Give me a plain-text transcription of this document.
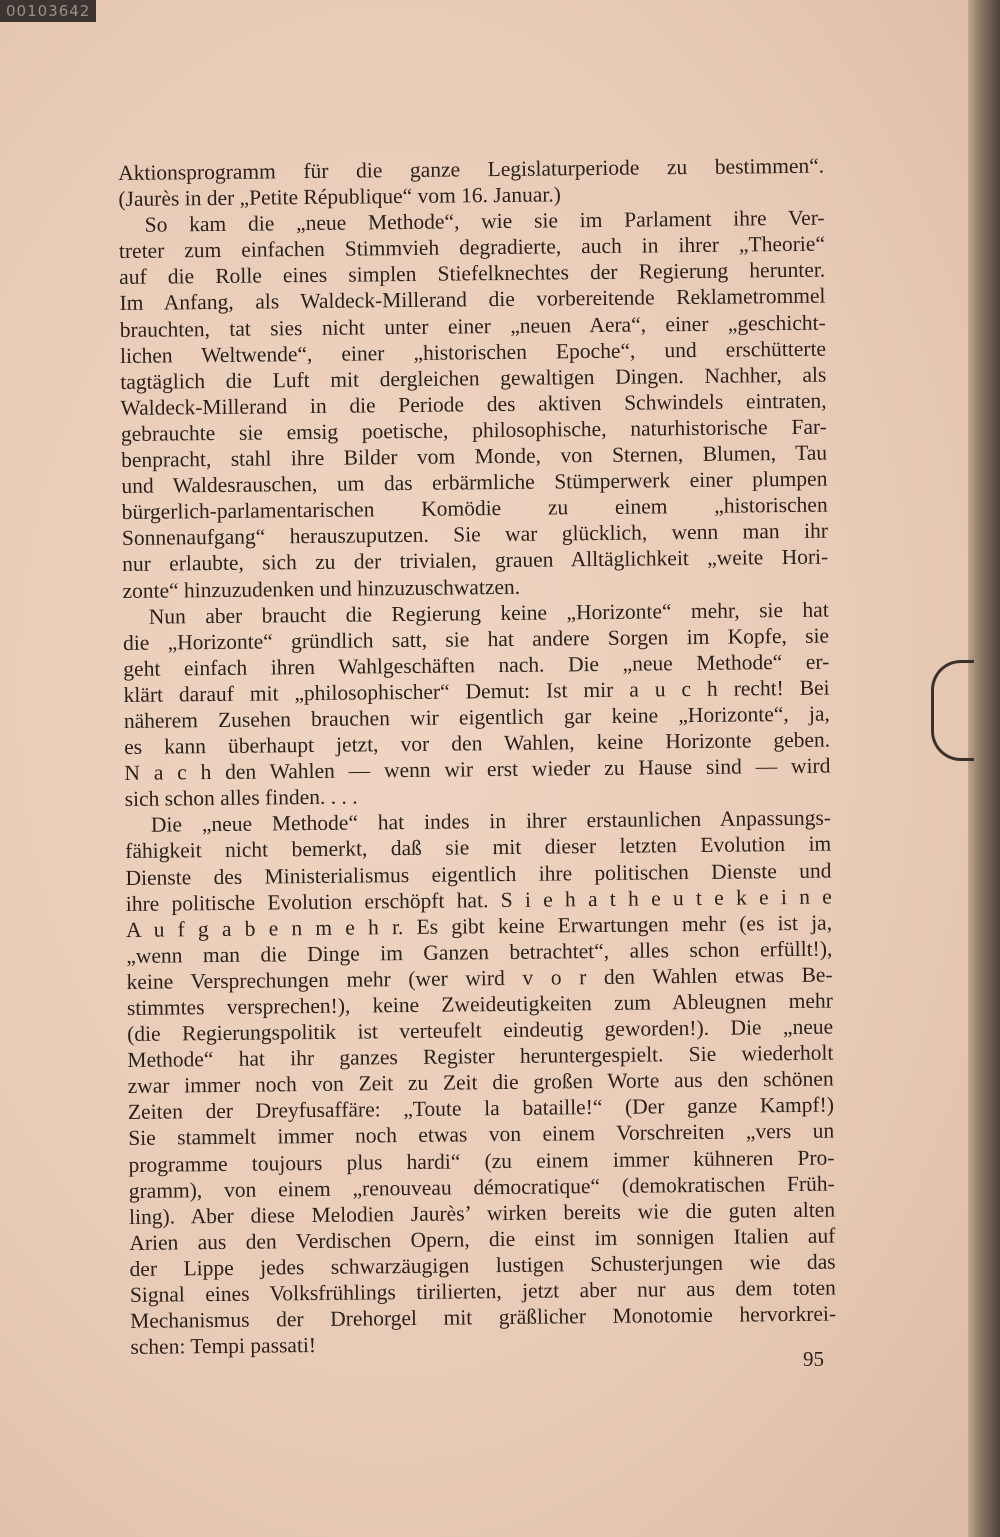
00103642
Aktionsprogramm für die ganze Legislaturperiode zu bestimmen“.
(Jaurès in der „Petite République“ vom 16. Januar.)
So kam die „neue Methode“, wie sie im Parlament ihre Ver-
treter zum einfachen Stimmvieh degradierte, auch in ihrer „Theorie“
auf die Rolle eines simplen Stiefelknechtes der Regierung herunter.
Im Anfang, als Waldeck-Millerand die vorbereitende Reklametrommel
brauchten, tat sies nicht unter einer „neuen Aera“, einer „geschicht-
lichen Weltwende“, einer „historischen Epoche“, und erschütterte
tagtäglich die Luft mit dergleichen gewaltigen Dingen. Nachher, als
Waldeck-Millerand in die Periode des aktiven Schwindels eintraten,
gebrauchte sie emsig poetische, philosophische, naturhistorische Far-
benpracht, stahl ihre Bilder vom Monde, von Sternen, Blumen, Tau
und Waldesrauschen, um das erbärmliche Stümperwerk einer plumpen
bürgerlich-parlamentarischen Komödie zu einem „historischen
Sonnenaufgang“ herauszuputzen. Sie war glücklich, wenn man ihr
nur erlaubte, sich zu der trivialen, grauen Alltäglichkeit „weite Hori-
zonte“ hinzuzudenken und hinzuzuschwatzen.
Nun aber braucht die Regierung keine „Horizonte“ mehr, sie hat
die „Horizonte“ gründlich satt, sie hat andere Sorgen im Kopfe, sie
geht einfach ihren Wahlgeschäften nach. Die „neue Methode“ er-
klärt darauf mit „philosophischer“ Demut: Ist mir a u c h recht! Bei
näherem Zusehen brauchen wir eigentlich gar keine „Horizonte“, ja,
es kann überhaupt jetzt, vor den Wahlen, keine Horizonte geben.
N a c h den Wahlen — wenn wir erst wieder zu Hause sind — wird
sich schon alles finden. . . .
Die „neue Methode“ hat indes in ihrer erstaunlichen Anpassungs-
fähigkeit nicht bemerkt, daß sie mit dieser letzten Evolution im
Dienste des Ministerialismus eigentlich ihre politischen Dienste und
ihre politische Evolution erschöpft hat. S i e h a t h e u t e k e i n e
A u f g a b e n m e h r. Es gibt keine Erwartungen mehr (es ist ja,
„wenn man die Dinge im Ganzen betrachtet“, alles schon erfüllt!),
keine Versprechungen mehr (wer wird v o r den Wahlen etwas Be-
stimmtes versprechen!), keine Zweideutigkeiten zum Ableugnen mehr
(die Regierungspolitik ist verteufelt eindeutig geworden!). Die „neue
Methode“ hat ihr ganzes Register heruntergespielt. Sie wiederholt
zwar immer noch von Zeit zu Zeit die großen Worte aus den schönen
Zeiten der Dreyfusaffäre: „Toute la bataille!“ (Der ganze Kampf!)
Sie stammelt immer noch etwas von einem Vorschreiten „vers un
programme toujours plus hardi“ (zu einem immer kühneren Pro-
gramm), von einem „renouveau démocratique“ (demokratischen Früh-
ling). Aber diese Melodien Jaurès’ wirken bereits wie die guten alten
Arien aus den Verdischen Opern, die einst im sonnigen Italien auf
der Lippe jedes schwarzäugigen lustigen Schusterjungen wie das
Signal eines Volksfrühlings tirilierten, jetzt aber nur aus dem toten
Mechanismus der Drehorgel mit gräßlicher Monotomie hervorkrei-
schen: Tempi passati!	95
